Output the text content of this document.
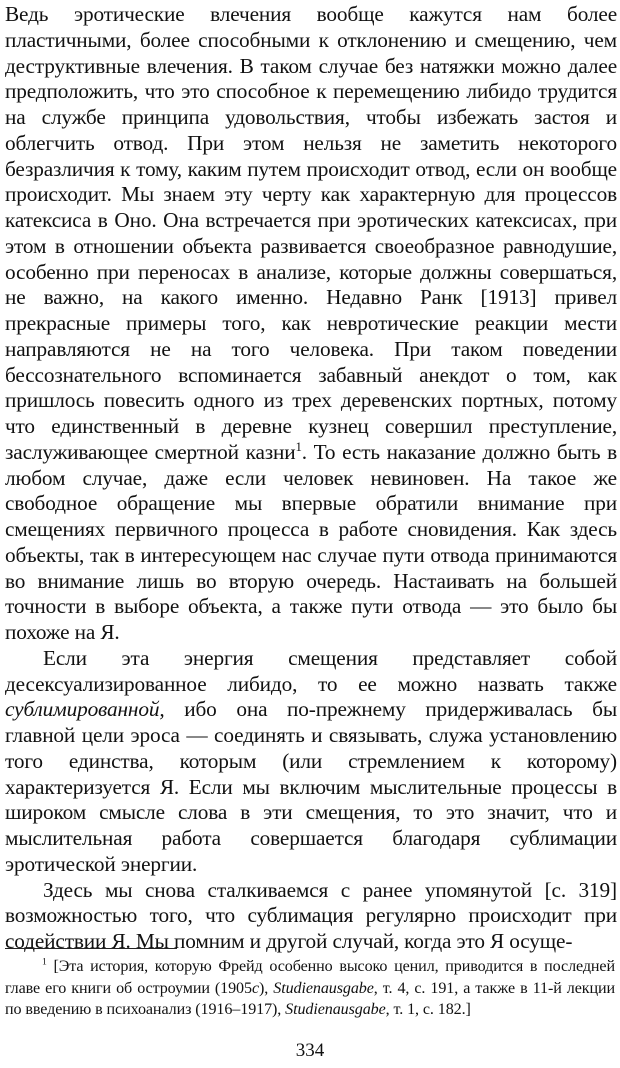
Ведь эротические влечения вообще кажутся нам более пластичными, более способными к отклонению и смещению, чем деструктивные влечения. В таком случае без натяжки можно далее предположить, что это способное к перемещению либидо трудится на службе принципа удовольствия, чтобы избежать застоя и облегчить отвод. При этом нельзя не заметить некоторого безразличия к тому, каким путем происходит отвод, если он вообще происходит. Мы знаем эту черту как характерную для процессов катексиса в Оно. Она встречается при эротических катексисах, при этом в отношении объекта развивается своеобразное равнодушие, особенно при переносах в анализе, которые должны совершаться, не важно, на какого именно. Недавно Ранк [1913] привел прекрасные примеры того, как невротические реакции мести направляются не на того человека. При таком поведении бессознательного вспоминается забавный анекдот о том, как пришлось повесить одного из трех деревенских портных, потому что единственный в деревне кузнец совершил преступление, заслуживающее смертной казни$^1$. То есть наказание должно быть в любом случае, даже если человек невиновен. На такое же свободное обращение мы впервые обратили внимание при смещениях первичного процесса в работе сновидения. Как здесь объекты, так в интересующем нас случае пути отвода принимаются во внимание лишь во вторую очередь. Настаивать на большей точности в выборе объекта, а также пути отвода — это было бы похоже на Я.

Если эта энергия смещения представляет собой десексуализированное либидо, то ее можно назвать также сублимированной, ибо она по-прежнему придерживалась бы главной цели эроса — соединять и связывать, служа установлению того единства, которым (или стремлением к которому) характеризуется Я. Если мы включим мыслительные процессы в широком смысле слова в эти смещения, то это значит, что и мыслительная работа совершается благодаря сублимации эротической энергии.

Здесь мы снова сталкиваемся с ранее упомянутой [с. 319] возможностью того, что сублимация регулярно происходит при содействии Я. Мы помним и другой случай, когда это Я осуще-

$^1$ [Эта история, которую Фрейд особенно высоко ценил, приводится в последней главе его книги об остроумии (1905c), Studienausgabe, т. 4, с. 191, а также в 11-й лекции по введению в психоанализ (1916–1917), Studienausgabe, т. 1, с. 182.]
334
